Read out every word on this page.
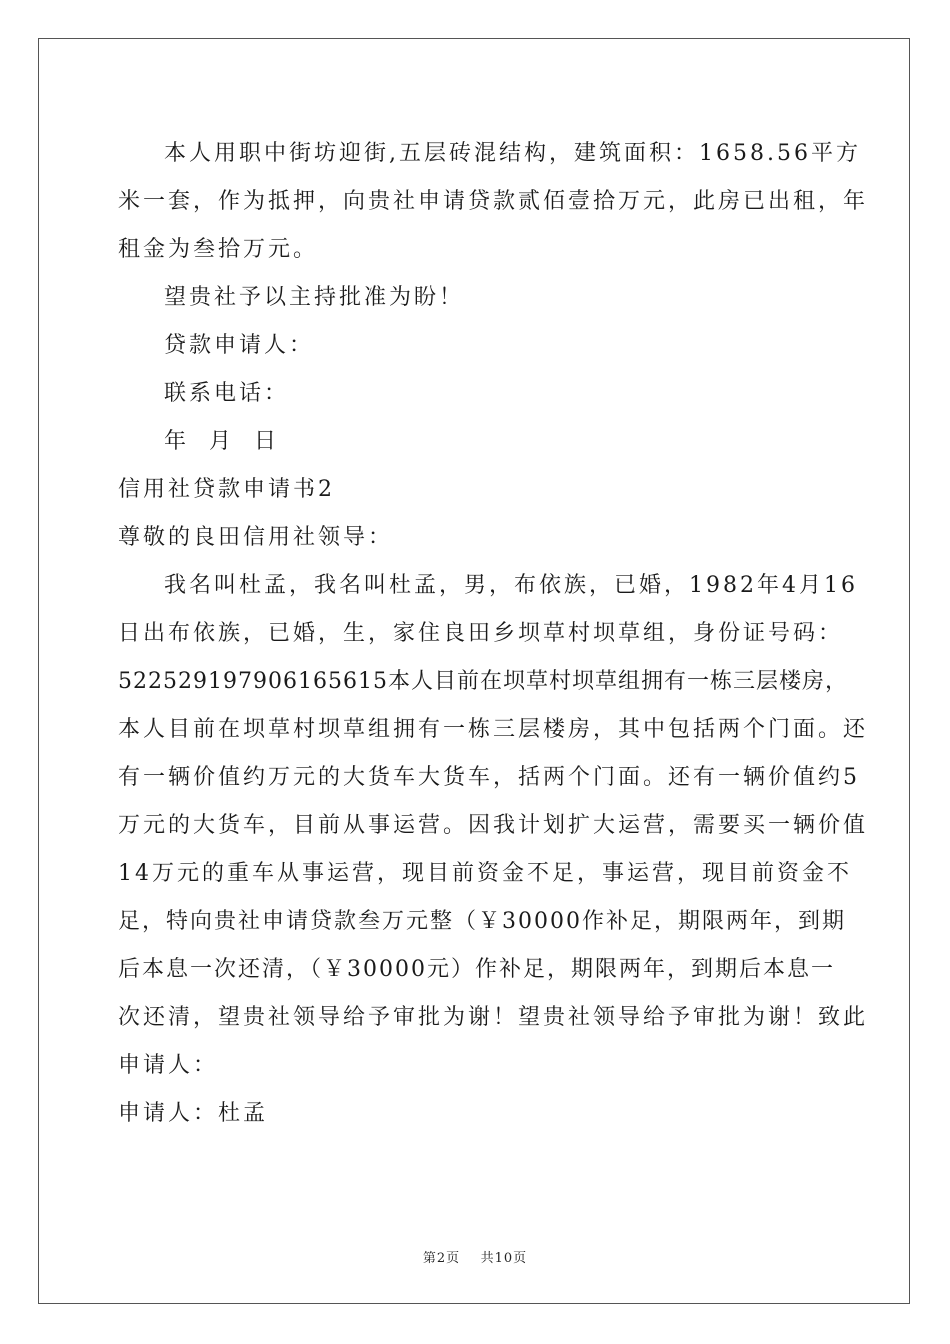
本人用职中街坊迎街,五层砖混结构，建筑面积：1658.56平方
米一套，作为抵押，向贵社申请贷款贰佰壹拾万元，此房已出租，年
租金为叁拾万元。
望贵社予以主持批准为盼！
贷款申请人：
联系电话：
年  月  日
信用社贷款申请书2
尊敬的良田信用社领导：
我名叫杜孟，我名叫杜孟，男，布依族，已婚，1982年4月16
日出布依族，已婚，生，家住良田乡坝草村坝草组，身份证号码：
522529197906165615本人目前在坝草村坝草组拥有一栋三层楼房，
本人目前在坝草村坝草组拥有一栋三层楼房，其中包括两个门面。还
有一辆价值约万元的大货车大货车，括两个门面。还有一辆价值约5
万元的大货车，目前从事运营。因我计划扩大运营，需要买一辆价值
14万元的重车从事运营，现目前资金不足，事运营，现目前资金不
足，特向贵社申请贷款叁万元整（￥30000作补足，期限两年，到期
后本息一次还清，（￥30000元）作补足，期限两年，到期后本息一
次还清，望贵社领导给予审批为谢！望贵社领导给予审批为谢！致此
申请人：
申请人：杜孟
第2页 共10页
